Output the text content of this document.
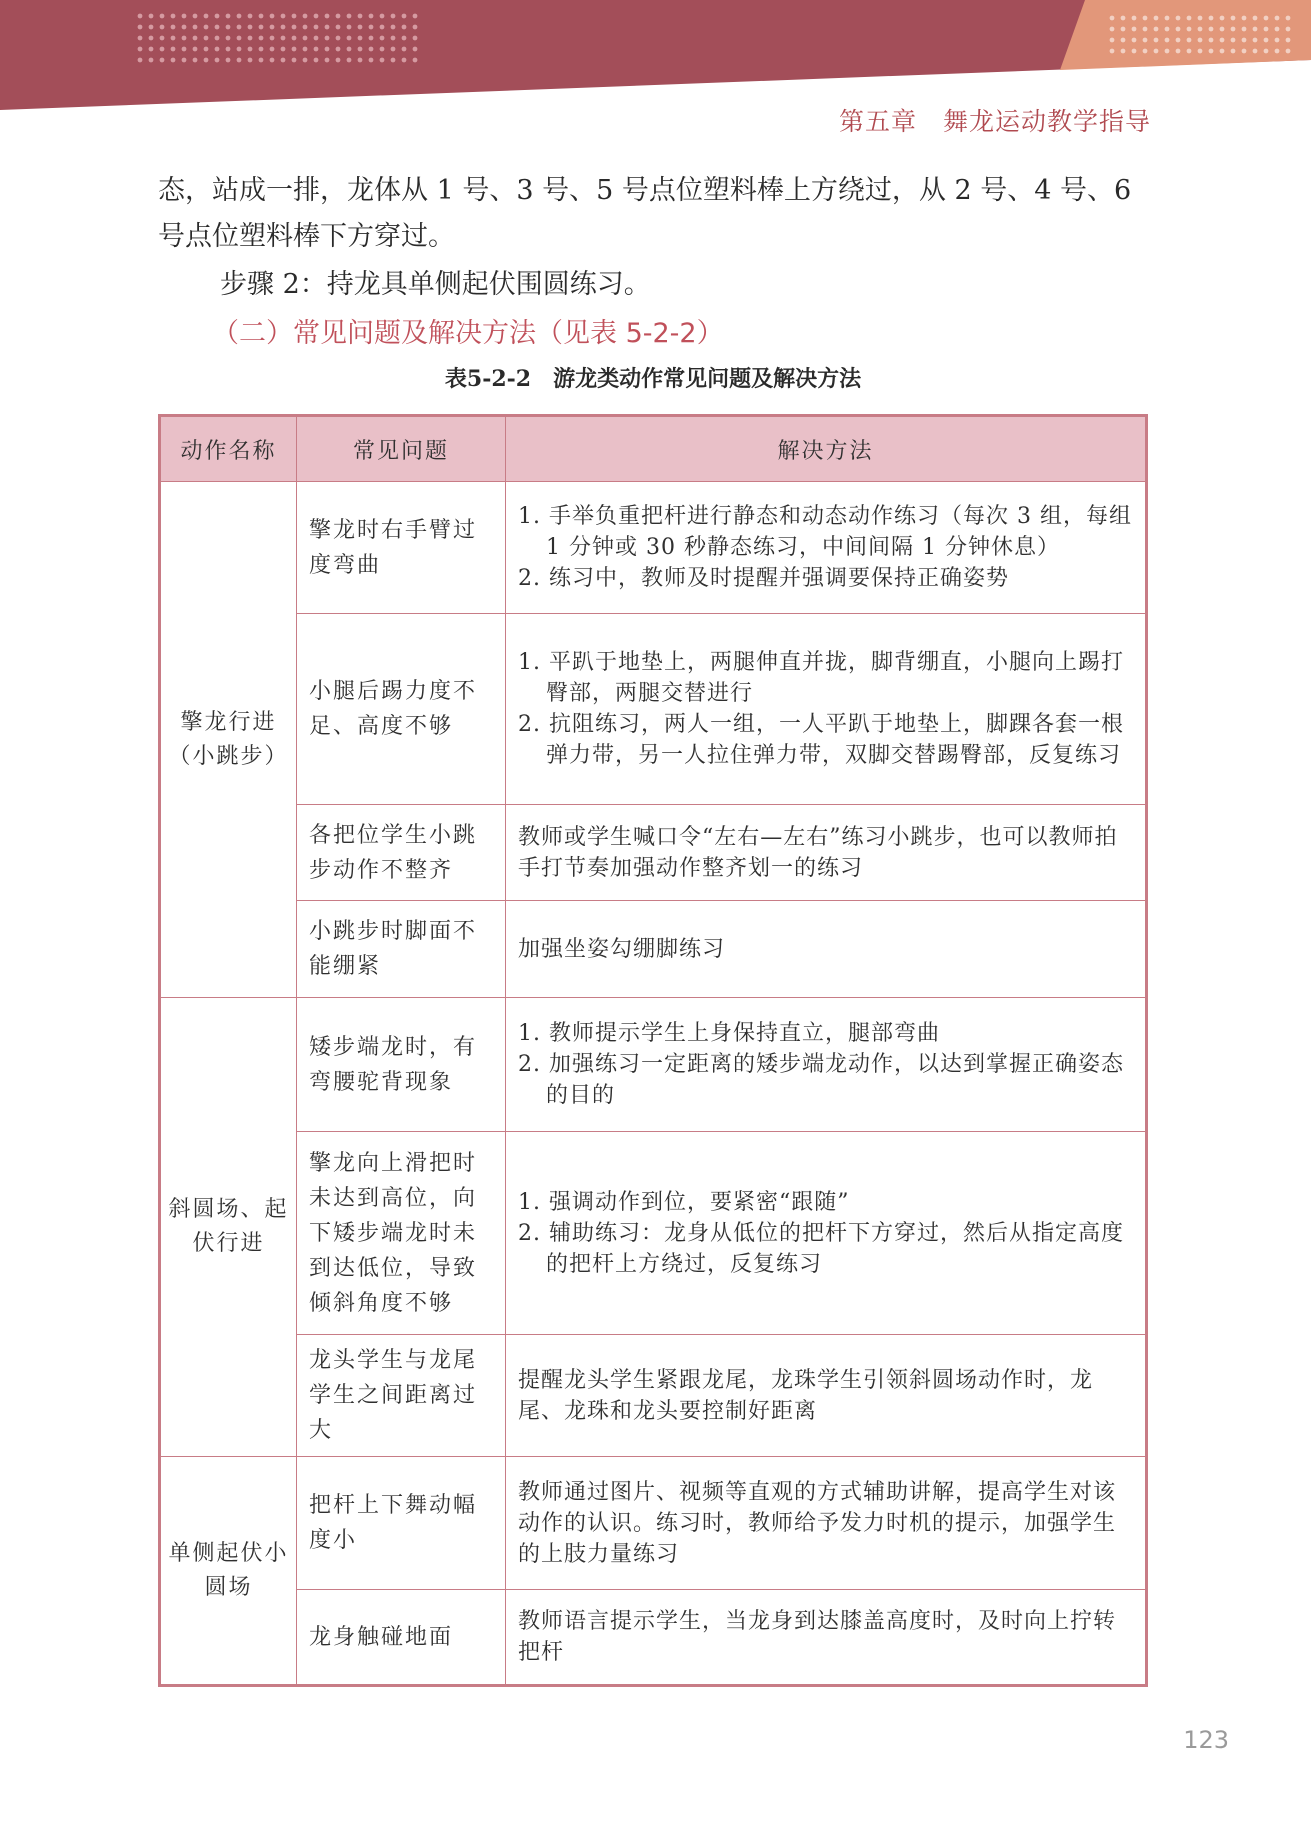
第五章　舞龙运动教学指导

态，站成一排，龙体从 1 号、3 号、5 号点位塑料棒上方绕过，从 2 号、4 号、6 号点位塑料棒下方穿过。

步骤 2：持龙具单侧起伏围圆练习。

（二）常见问题及解决方法（见表 5-2-2）

表5-2-2　游龙类动作常见问题及解决方法

动作名称	常见问题	解决方法
擎龙行进（小跳步）	擎龙时右手臂过度弯曲	1. 手举负重把杆进行静态和动态动作练习（每次 3 组，每组 1 分钟或 30 秒静态练习，中间间隔 1 分钟休息）

2. 练习中，教师及时提醒并强调要保持正确姿势

	小腿后踢力度不足、高度不够	1. 平趴于地垫上，两腿伸直并拢，脚背绷直，小腿向上踢打臀部，两腿交替进行

2. 抗阻练习，两人一组，一人平趴于地垫上，脚踝各套一根弹力带，另一人拉住弹力带，双脚交替踢臀部，反复练习

	各把位学生小跳步动作不整齐	教师或学生喊口令“左右—左右”练习小跳步，也可以教师拍手打节奏加强动作整齐划一的练习

	小跳步时脚面不能绷紧	加强坐姿勾绷脚练习

斜圆场、起伏行进	矮步端龙时，有弯腰驼背现象	1. 教师提示学生上身保持直立，腿部弯曲

2. 加强练习一定距离的矮步端龙动作，以达到掌握正确姿态的目的

	擎龙向上滑把时未达到高位，向下矮步端龙时未到达低位，导致倾斜角度不够	1. 强调动作到位，要紧密“跟随”

2. 辅助练习：龙身从低位的把杆下方穿过，然后从指定高度的把杆上方绕过，反复练习

	龙头学生与龙尾学生之间距离过大	提醒龙头学生紧跟龙尾，龙珠学生引领斜圆场动作时，龙尾、龙珠和龙头要控制好距离

单侧起伏小圆场	把杆上下舞动幅度小	教师通过图片、视频等直观的方式辅助讲解，提高学生对该动作的认识。练习时，教师给予发力时机的提示，加强学生的上肢力量练习

	龙身触碰地面	教师语言提示学生，当龙身到达膝盖高度时，及时向上拧转把杆

123
